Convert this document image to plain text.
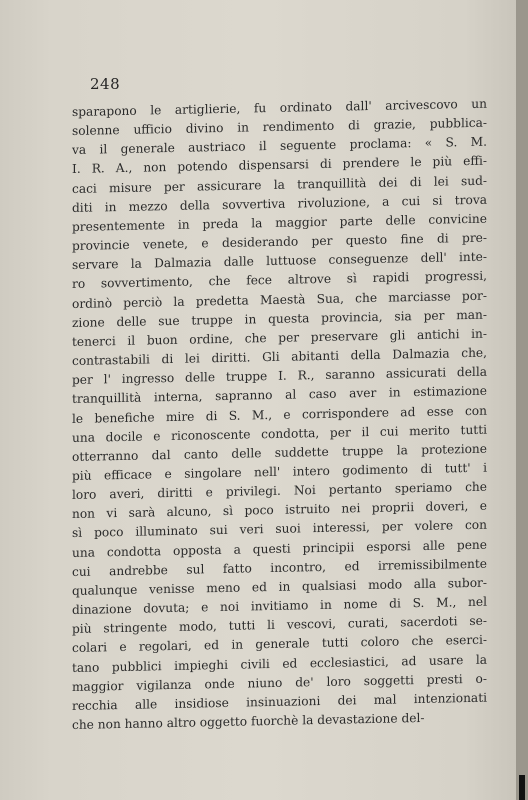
248
sparарono le artiglierie, fu ordinato dall' arcivescovo un
solenne ufficio divino in rendimento di grazie, pubblica-
va il generale austriaco il seguente proclama: « S. M.
I. R. A., non potendo dispensarsi di prendere le più effi-
caci misure per assicurare la tranquillità dei di lei sud-
diti in mezzo della sovvertiva rivoluzione, a cui si trova
presentemente in preda la maggior parte delle convicine
provincie venete, e desiderando per questo fine di pre-
servare la Dalmazia dalle luttuose conseguenze dell' inte-
ro sovvertimento, che fece altrove sì rapidi progressi,
ordinò perciò la predetta Maestà Sua, che marciasse por-
zione delle sue truppe in questa provincia, sia per man-
tenerci il buon ordine, che per preservare gli antichi in-
contrastabili di lei diritti. Gli abitanti della Dalmazia che,
per l' ingresso delle truppe I. R., saranno assicurati della
tranquillità interna, sapranno al caso aver in estimazione
le benefiche mire di S. M., e corrispondere ad esse con
una docile e riconoscente condotta, per il cui merito tutti
otterranno dal canto delle suddette truppe la protezione
più efficace e singolare nell' intero godimento di tutt' i
loro averi, diritti e privilegi. Noi pertanto speriamo che
non vi sarà alcuno, sì poco istruito nei proprii doveri, e
sì poco illuminato sui veri suoi interessi, per volere con
una condotta opposta a questi principii esporsi alle pene
cui andrebbe sul fatto incontro, ed irremissibilmente
qualunque venisse meno ed in qualsiasi modo alla subor-
dinazione dovuta; e noi invitiamo in nome di S. M., nel
più stringente modo, tutti li vescovi, curati, sacerdoti se-
colari e regolari, ed in generale tutti coloro che eserci-
tano pubblici impieghi civili ed ecclesiastici, ad usare la
maggior vigilanza onde niuno de' loro soggetti presti o-
recchia alle insidiose insinuazioni dei mal intenzionati
che non hanno altro oggetto fuorchè la devastazione del-
